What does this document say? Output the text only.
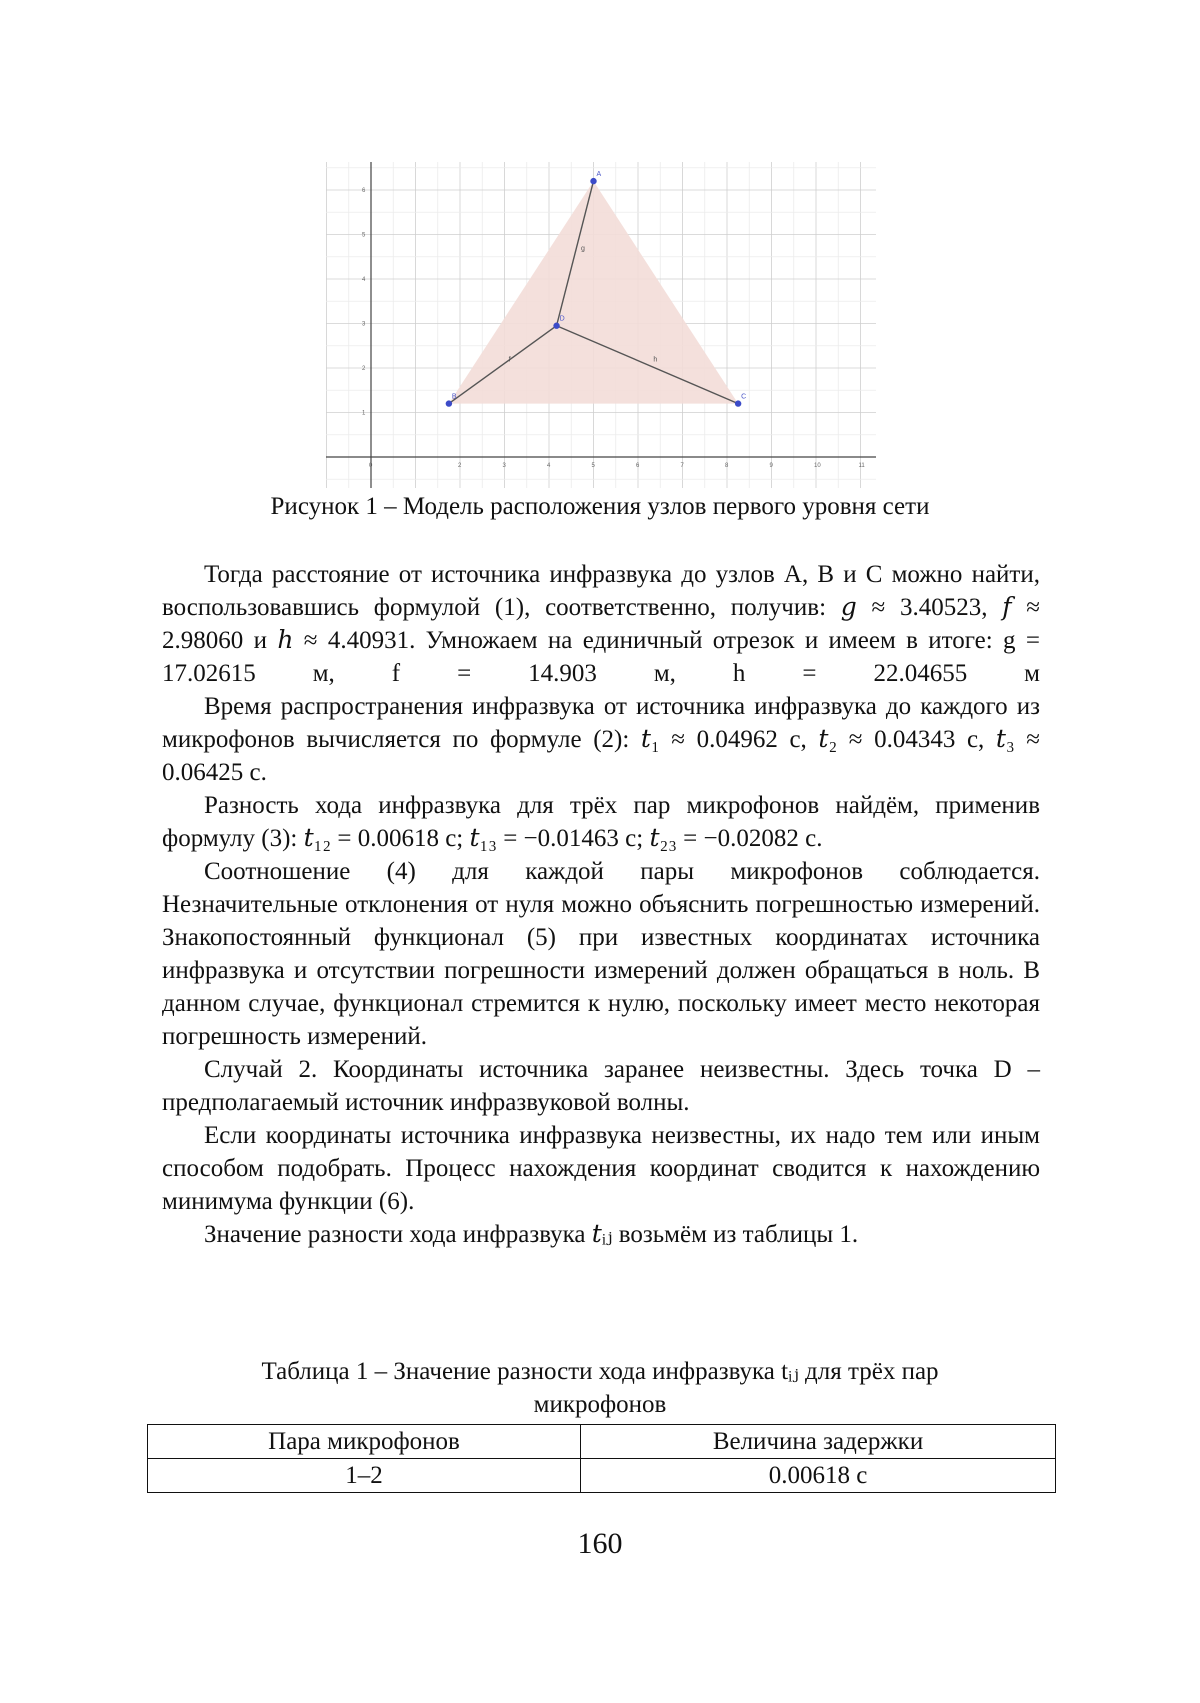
0	2	3	4	5	6	7	8	9	10	11
1
2
3
4
5
6
g
f	h
A
B	C
D
Рисунок 1 – Модель расположения узлов первого уровня сети

Тогда расстояние от источника инфразвука до узлов A, B и C можно найти, воспользовавшись формулой (1), соответственно, получив: 𝑔 ≈ 3.40523, 𝑓 ≈ 2.98060 и ℎ ≈ 4.40931. Умножаем на единичный отрезок и имеем в итоге: g = 17.02615 м, f = 14.903 м, h = 22.04655 м

Время распространения инфразвука от источника инфразвука до каждого из микрофонов вычисляется по формуле (2): 𝑡₁ ≈ 0.04962 с, 𝑡₂ ≈ 0.04343 с, 𝑡₃ ≈ 0.06425 с.

Разность хода инфразвука для трёх пар микрофонов найдём, применив формулу (3): 𝑡₁₂ = 0.00618 с; 𝑡₁₃ = −0.01463 с; 𝑡₂₃ = −0.02082 с.

Соотношение (4) для каждой пары микрофонов соблюдается. Незначительные отклонения от нуля можно объяснить погрешностью измерений. Знакопостоянный функционал (5) при известных координатах источника инфразвука и отсутствии погрешности измерений должен обращаться в ноль. В данном случае, функционал стремится к нулю, поскольку имеет место некоторая погрешность измерений.

Случай 2. Координаты источника заранее неизвестны. Здесь точка D – предполагаемый источник инфразвуковой волны.

Если координаты источника инфразвука неизвестны, их надо тем или иным способом подобрать. Процесс нахождения координат сводится к нахождению минимума функции (6).

Значение разности хода инфразвука 𝑡ᵢⱼ возьмём из таблицы 1.

Таблица 1 – Значение разности хода инфразвука tᵢⱼ для трёх пар
микрофонов
Пара микрофонов	Величина задержки
1–2	0.00618 с
160
